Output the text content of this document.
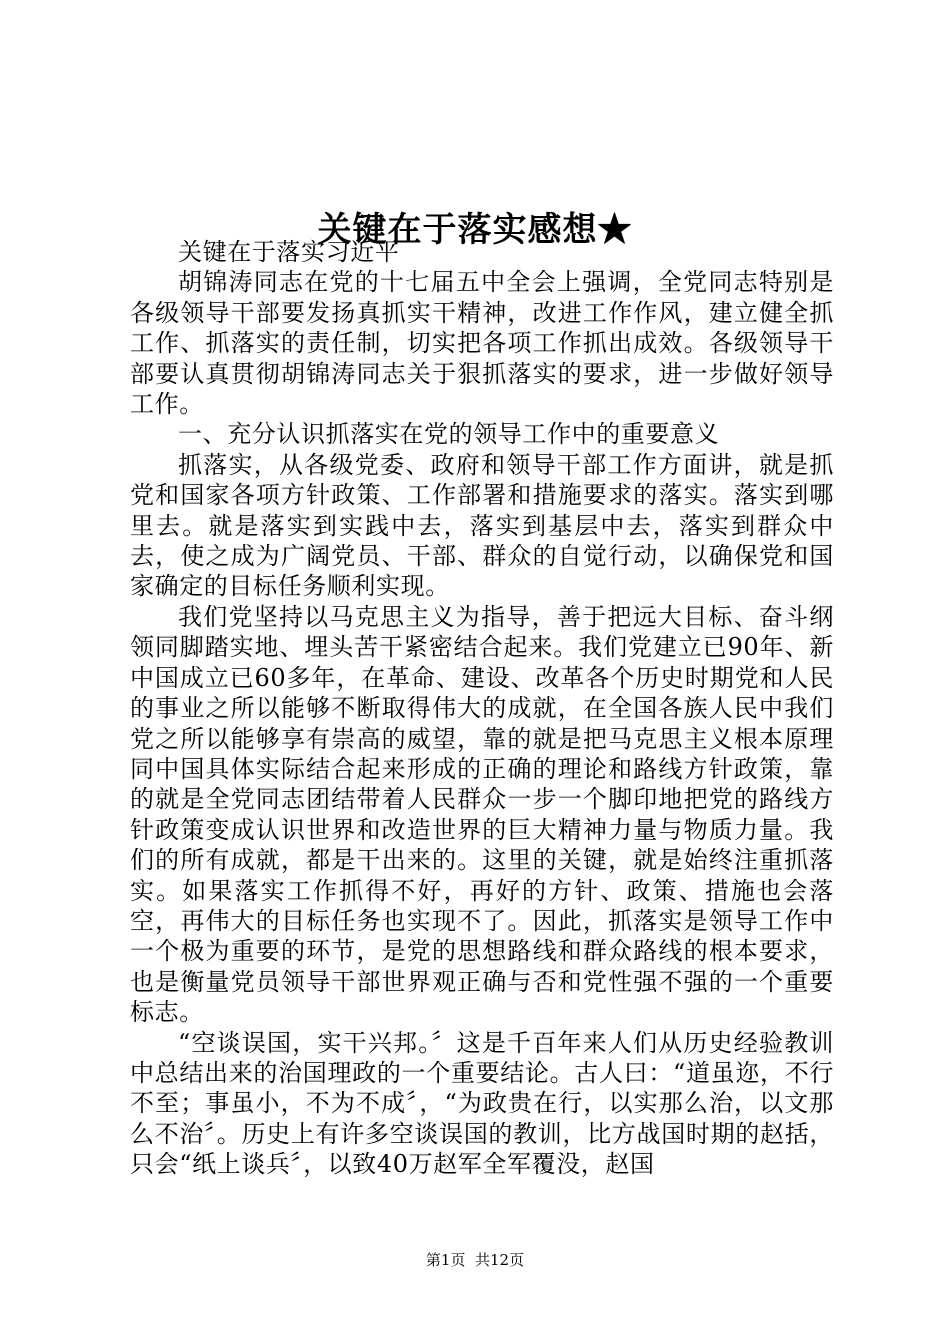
关键在于落实感想★

关键在于落实习近平

胡锦涛同志在党的十七届五中全会上强调，全党同志特别是各级领导干部要发扬真抓实干精神，改进工作作风，建立健全抓工作、抓落实的责任制，切实把各项工作抓出成效。各级领导干部要认真贯彻胡锦涛同志关于狠抓落实的要求，进一步做好领导工作。

一、充分认识抓落实在党的领导工作中的重要意义

抓落实，从各级党委、政府和领导干部工作方面讲，就是抓党和国家各项方针政策、工作部署和措施要求的落实。落实到哪里去。就是落实到实践中去，落实到基层中去，落实到群众中去，使之成为广阔党员、干部、群众的自觉行动，以确保党和国家确定的目标任务顺利实现。

我们党坚持以马克思主义为指导，善于把远大目标、奋斗纲领同脚踏实地、埋头苦干紧密结合起来。我们党建立已90年、新中国成立已60多年，在革命、建设、改革各个历史时期党和人民的事业之所以能够不断取得伟大的成就，在全国各族人民中我们党之所以能够享有崇高的威望，靠的就是把马克思主义根本原理同中国具体实际结合起来形成的正确的理论和路线方针政策，靠的就是全党同志团结带着人民群众一步一个脚印地把党的路线方针政策变成认识世界和改造世界的巨大精神力量与物质力量。我们的所有成就，都是干出来的。这里的关键，就是始终注重抓落实。如果落实工作抓得不好，再好的方针、政策、措施也会落空，再伟大的目标任务也实现不了。因此，抓落实是领导工作中一个极为重要的环节，是党的思想路线和群众路线的根本要求，也是衡量党员领导干部世界观正确与否和党性强不强的一个重要标志。

“空谈误国，实干兴邦。〞这是千百年来人们从历史经验教训中总结出来的治国理政的一个重要结论。古人曰：“道虽迩，不行不至；事虽小，不为不成〞，“为政贵在行，以实那么治，以文那么不治〞。历史上有许多空谈误国的教训，比方战国时期的赵括，只会“纸上谈兵〞，以致40万赵军全军覆没，赵国

第1页  共12页
